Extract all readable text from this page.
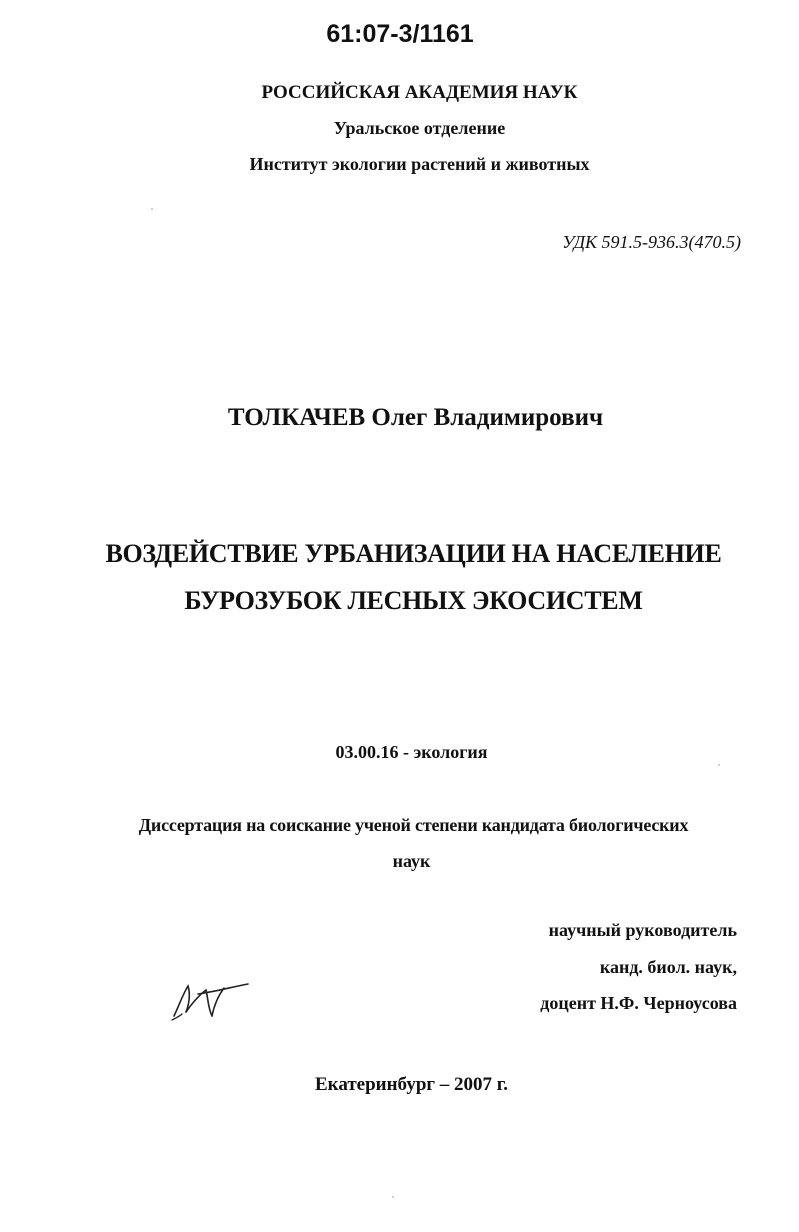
61:07-3/1161
РОССИЙСКАЯ АКАДЕМИЯ НАУК
Уральское отделение
Институт экологии растений и животных
УДК 591.5-936.3(470.5)
ТОЛКАЧЕВ Олег Владимирович
ВОЗДЕЙСТВИЕ УРБАНИЗАЦИИ НА НАСЕЛЕНИЕ
БУРОЗУБОК ЛЕСНЫХ ЭКОСИСТЕМ
03.00.16 - экология
Диссертация на соискание ученой степени кандидата биологических
наук
научный руководитель
канд. биол. наук,
доцент Н.Ф. Черноусова
Екатеринбург – 2007 г.
